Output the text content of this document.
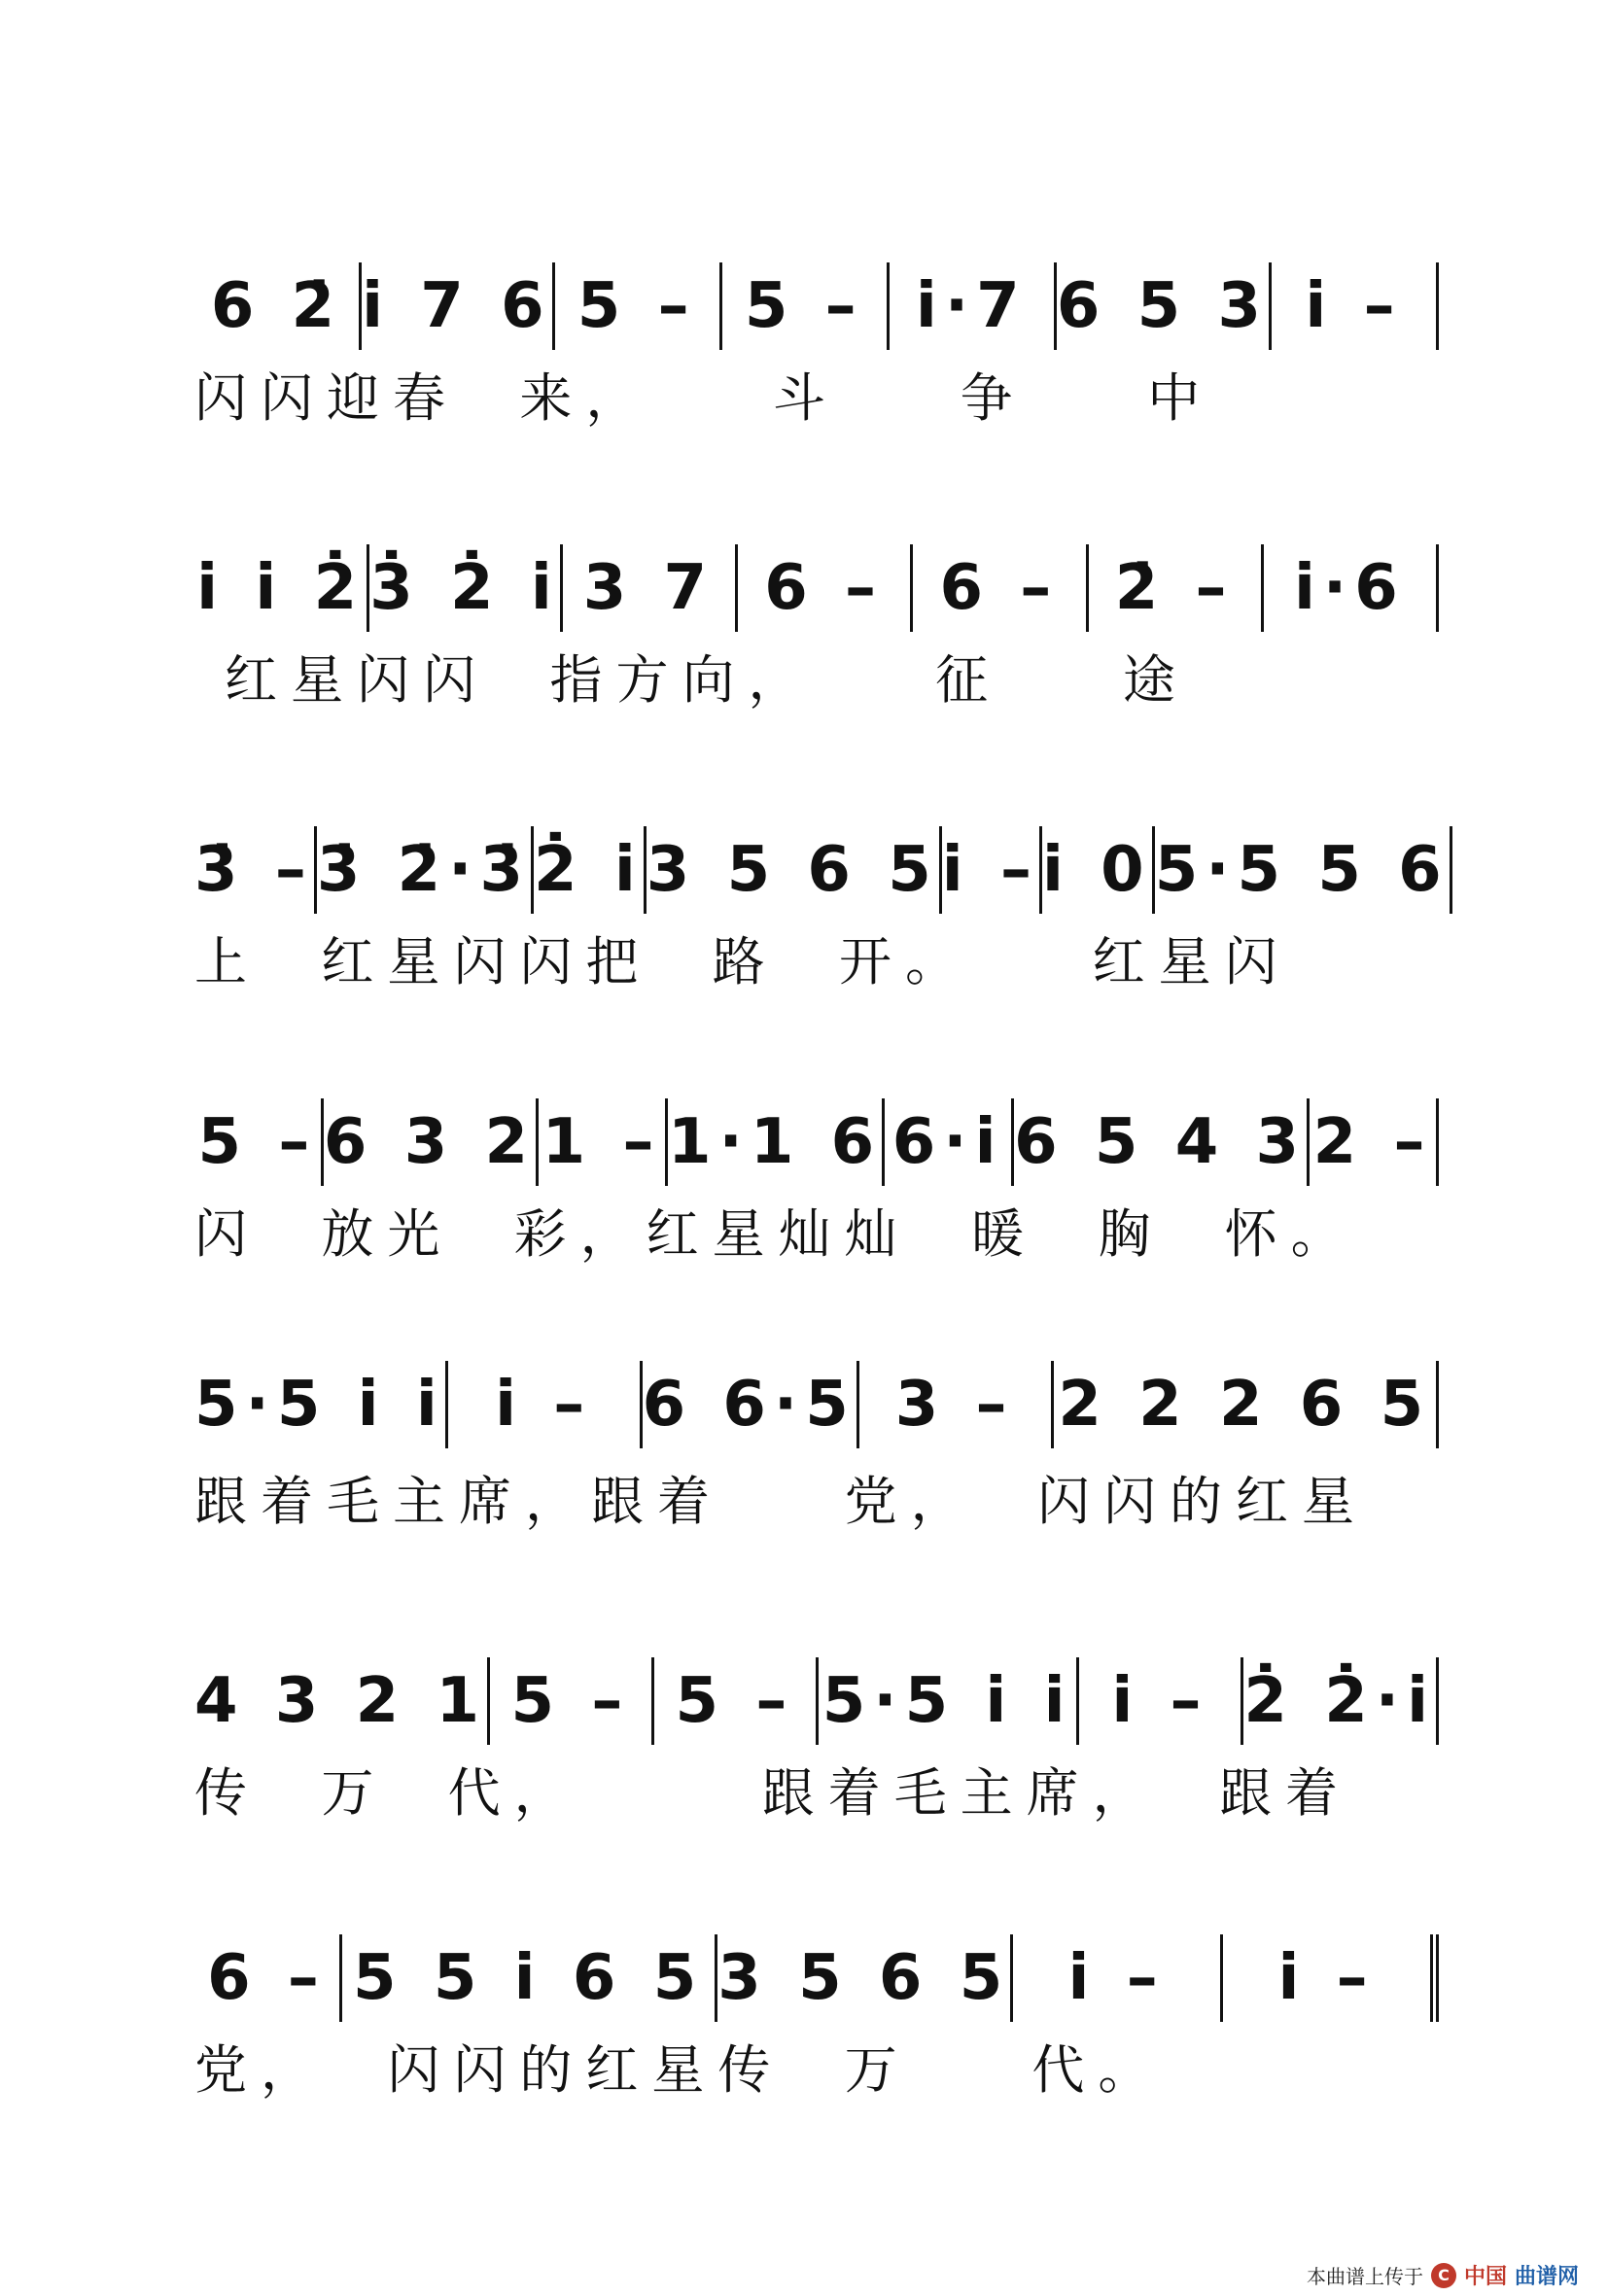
6 2̇ i 7 6 5 – 5 – i·7 6 5 3 i –
闪闪迎春  来，    斗    争    中
i i 2̇ 3̇ 2̇ i 3 7 6 – 6 – 2̇ – i·6
红星闪闪  指方向，    征    途
3̇ – 3̇ 2̇·3̇ 2̇ i 3 5 6 5 i – i 0 5·5 5 6
上  红星闪闪把  路  开。    红星闪
5 – 6 3 2 1 – 1·1 6 6·i 6 5 4 3 2 –
闪  放光  彩，红星灿灿  暖  胸  怀。
5·5 i i i – 6 6·5 3 – 2 2 2 6 5
跟着毛主席，跟着    党，  闪闪的红星
4 3 2 1 5 – 5 – 5·5 i i i – 2̇ 2̇·i
传  万  代，      跟着毛主席，  跟着
6 – 5 5 i 6 5 3 5 6 5 i – i –
党，  闪闪的红星传  万    代。
本曲谱上传于 C 中国 曲谱网
